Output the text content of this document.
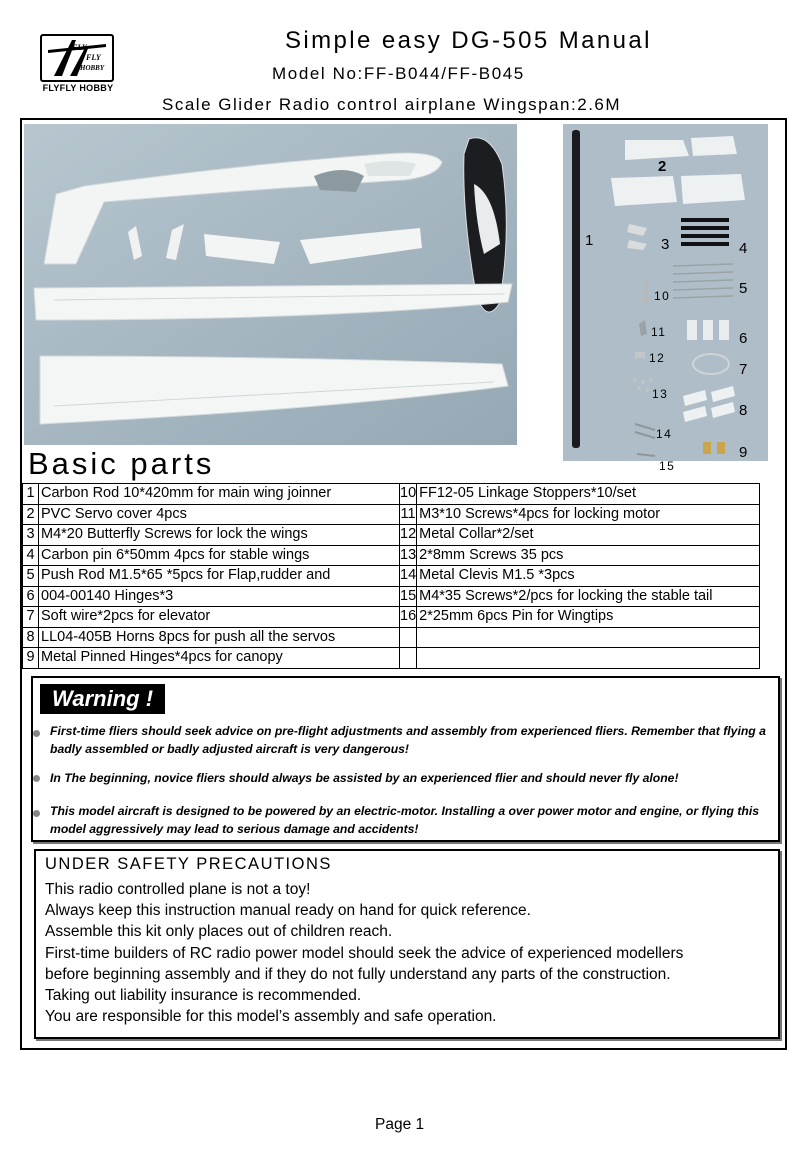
FLY
FLY
HOBBY
FLYFLY HOBBY
Simple easy DG-505 Manual
Model No:FF-B044/FF-B045
Scale Glider Radio control airplane Wingspan:2.6M
1
2
3	4
5
6
7
8
9
10
11
12
13
14
15
Basic parts
1	Carbon Rod 10*420mm for main wing joinner	10	FF12-05 Linkage Stoppers*10/set
2	PVC Servo cover 4pcs	11	M3*10 Screws*4pcs for locking motor
3	M4*20 Butterfly Screws for lock the wings	12	Metal Collar*2/set
4	Carbon pin 6*50mm 4pcs for stable wings	13	2*8mm Screws 35 pcs
5	Push Rod M1.5*65 *5pcs for Flap,rudder and	14	Metal Clevis M1.5 *3pcs
6	004-00140 Hinges*3	15	M4*35 Screws*2/pcs for locking the stable tail
7	Soft wire*2pcs for elevator	16	2*25mm 6pcs Pin for Wingtips
8	LL04-405B Horns 8pcs for push all the servos		
9	Metal Pinned Hinges*4pcs for canopy		
Warning !
First-time fliers should seek advice on pre-flight adjustments and assembly from experienced fliers. Remember that flying a badly assembled or badly adjusted aircraft is very dangerous!
In The beginning, novice fliers should always be assisted by an experienced flier and should never fly alone!
This model aircraft is designed to be powered by an electric-motor. Installing a over power motor and engine, or flying this model aggressively may lead to serious damage and accidents!
UNDER SAFETY PRECAUTIONS
This radio controlled plane is not a toy!
Always keep this instruction manual ready on hand for quick reference.
Assemble this kit only places out of children reach.
First-time builders of RC radio power model should seek the advice of experienced modellers
before beginning assembly and if they do not fully understand any parts of the construction.
Taking out liability insurance is recommended.
You are responsible for this model’s assembly and safe operation.
Page 1
